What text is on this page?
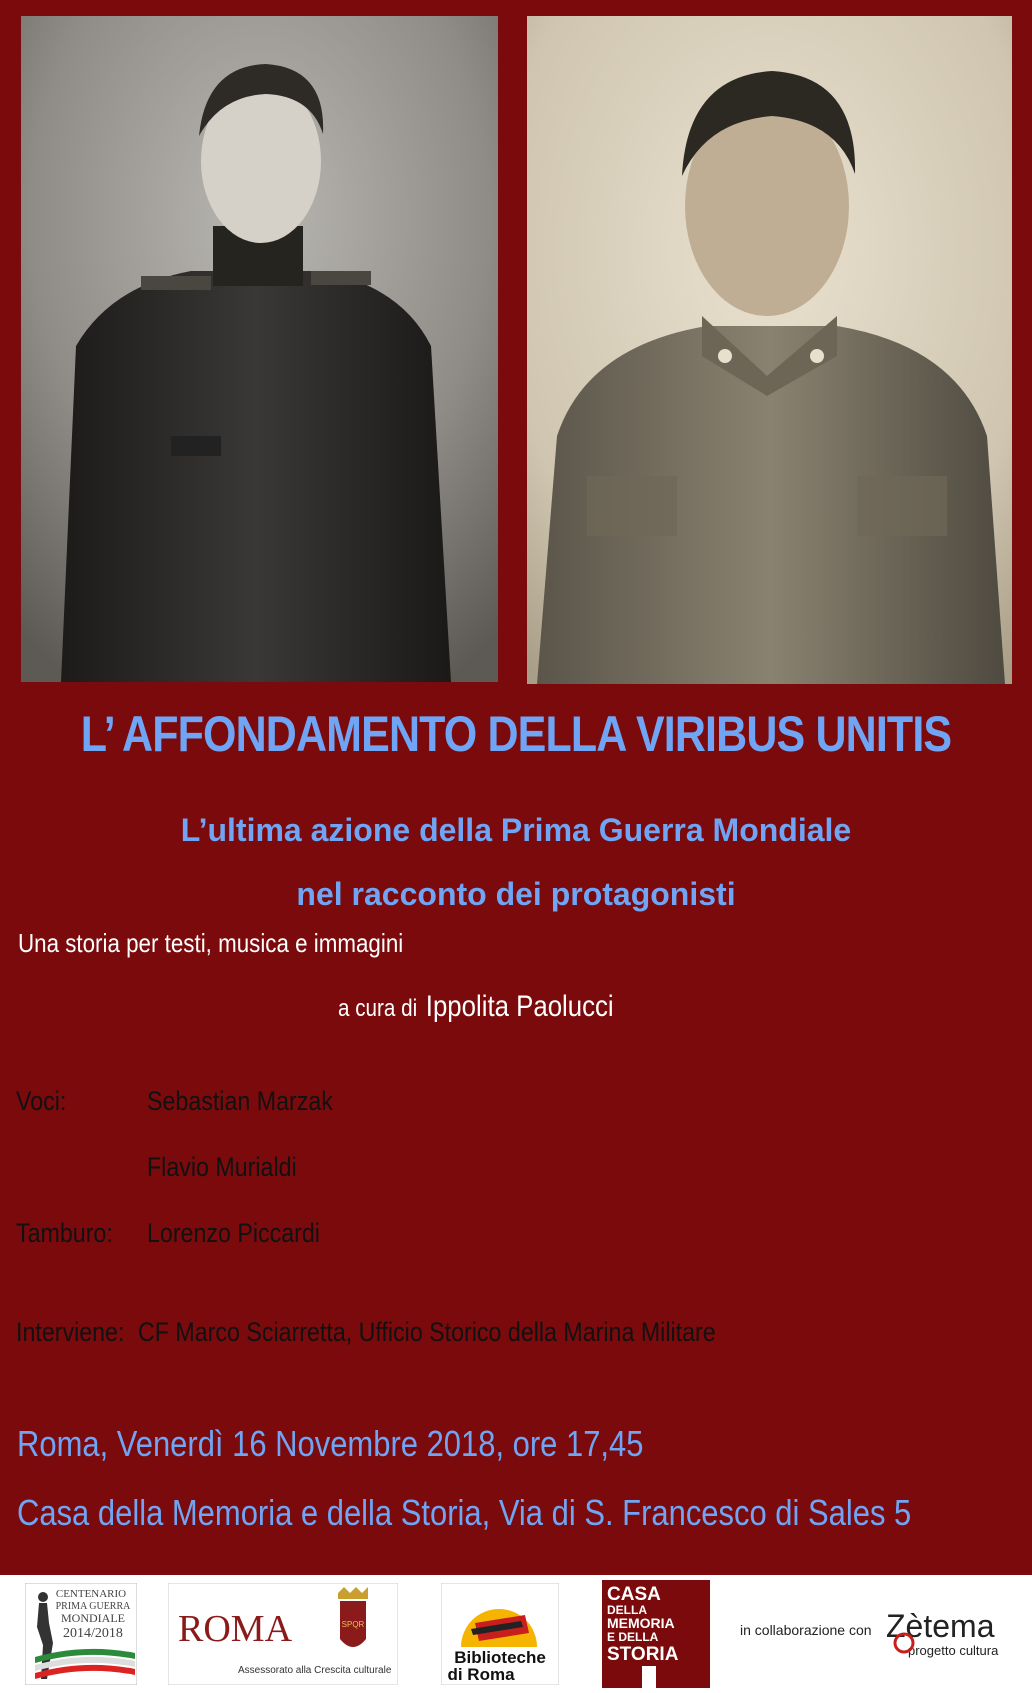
L’ AFFONDAMENTO DELLA VIRIBUS UNITIS
L’ultima azione della Prima Guerra Mondiale
nel racconto dei protagonisti
Una storia per testi, musica e immagini
a cura di Ippolita Paolucci
Voci:	Sebastian Marzak
Flavio Murialdi
Tamburo: Lorenzo Piccardi
Interviene: CF Marco Sciarretta, Ufficio Storico della Marina Militare
Roma, Venerdì 16 Novembre 2018, ore 17,45
Casa della Memoria e della Storia, Via di S. Francesco di Sales 5
CENTENARIO
PRIMA GUERRA
MONDIALE
2014/2018 ROMA	SPQR
Assessorato alla Crescita culturale
Biblioteche
di Roma
CASA
DELLA
MEMORIA
E DELLA
STORIA
in collaborazione con Zètema
progetto cultura
